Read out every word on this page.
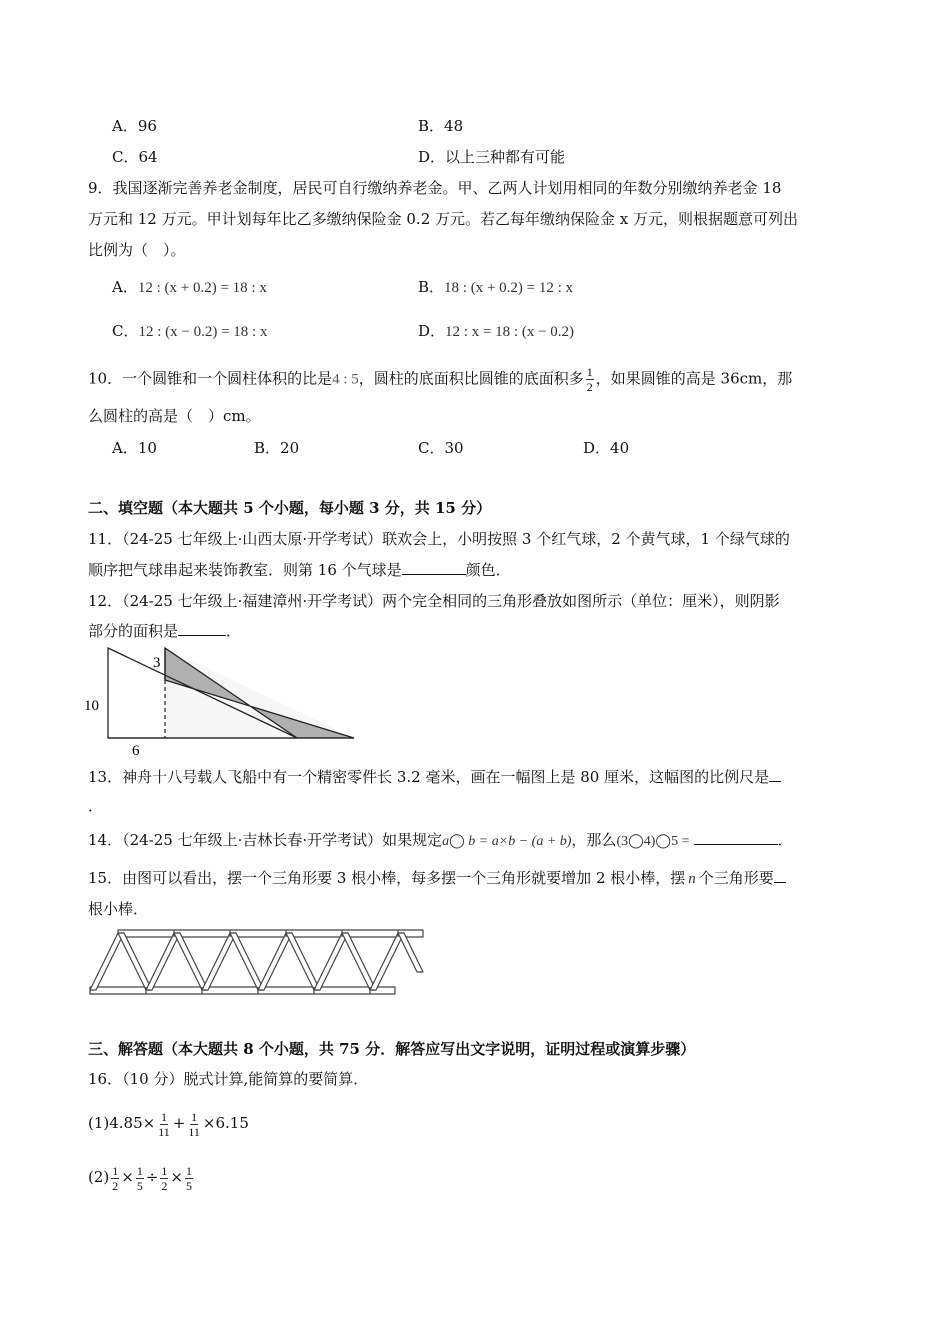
A．96	B．48
C．64	D．以上三种都有可能
9．我国逐渐完善养老金制度，居民可自行缴纳养老金。甲、乙两人计划用相同的年数分别缴纳养老金 18
万元和 12 万元。甲计划每年比乙多缴纳保险金 0.2 万元。若乙每年缴纳保险金 x 万元，则根据题意可列出
比例为（　）。
A．12 : (x + 0.2) = 18 : x	B．18 : (x + 0.2) = 12 : x
C．12 : (x − 0.2) = 18 : x	D．12 : x = 18 : (x − 0.2)
10．一个圆锥和一个圆柱体积的比是4 : 5，圆柱的底面积比圆锥的底面积多 $\frac{1}{2}$ ，如果圆锥的高是 36cm，那
么圆柱的高是（　）cm。
A．10	B．20	C．30	D．40
二、填空题（本大题共 5 个小题，每小题 3 分，共 15 分）
11．（24-25 七年级上·山西太原·开学考试）联欢会上，小明按照 3 个红气球，2 个黄气球，1 个绿气球的
顺序把气球串起来装饰教室．则第 16 个气球是	颜色．
12．（24-25 七年级上·福建漳州·开学考试）两个完全相同的三角形叠放如图所示（单位：厘米），则阴影
部分的面积是	．
3
10
6
13．神舟十八号载人飞船中有一个精密零件长 3.2 毫米，画在一幅图上是 80 厘米，这幅图的比例尺是
．
14．（24-25 七年级上·吉林长春·开学考试）如果规定a◯ b = a×b − (a + b)，那么(3◯4)◯5 =	．
15．由图可以看出，摆一个三角形要 3 根小棒，每多摆一个三角形就要增加 2 根小棒，摆 n 个三角形要
根小棒．
三、解答题（本大题共 8 个小题，共 75 分．解答应写出文字说明，证明过程或演算步骤）
16．（10 分）脱式计算,能简算的要简算．
$(1)4.85\times \frac{1}{11} + \frac{1}{11} \times 6.15$
$(2) \frac{1}{2} \times \frac{1}{5} \div \frac{1}{2} \times \frac{1}{5}$
